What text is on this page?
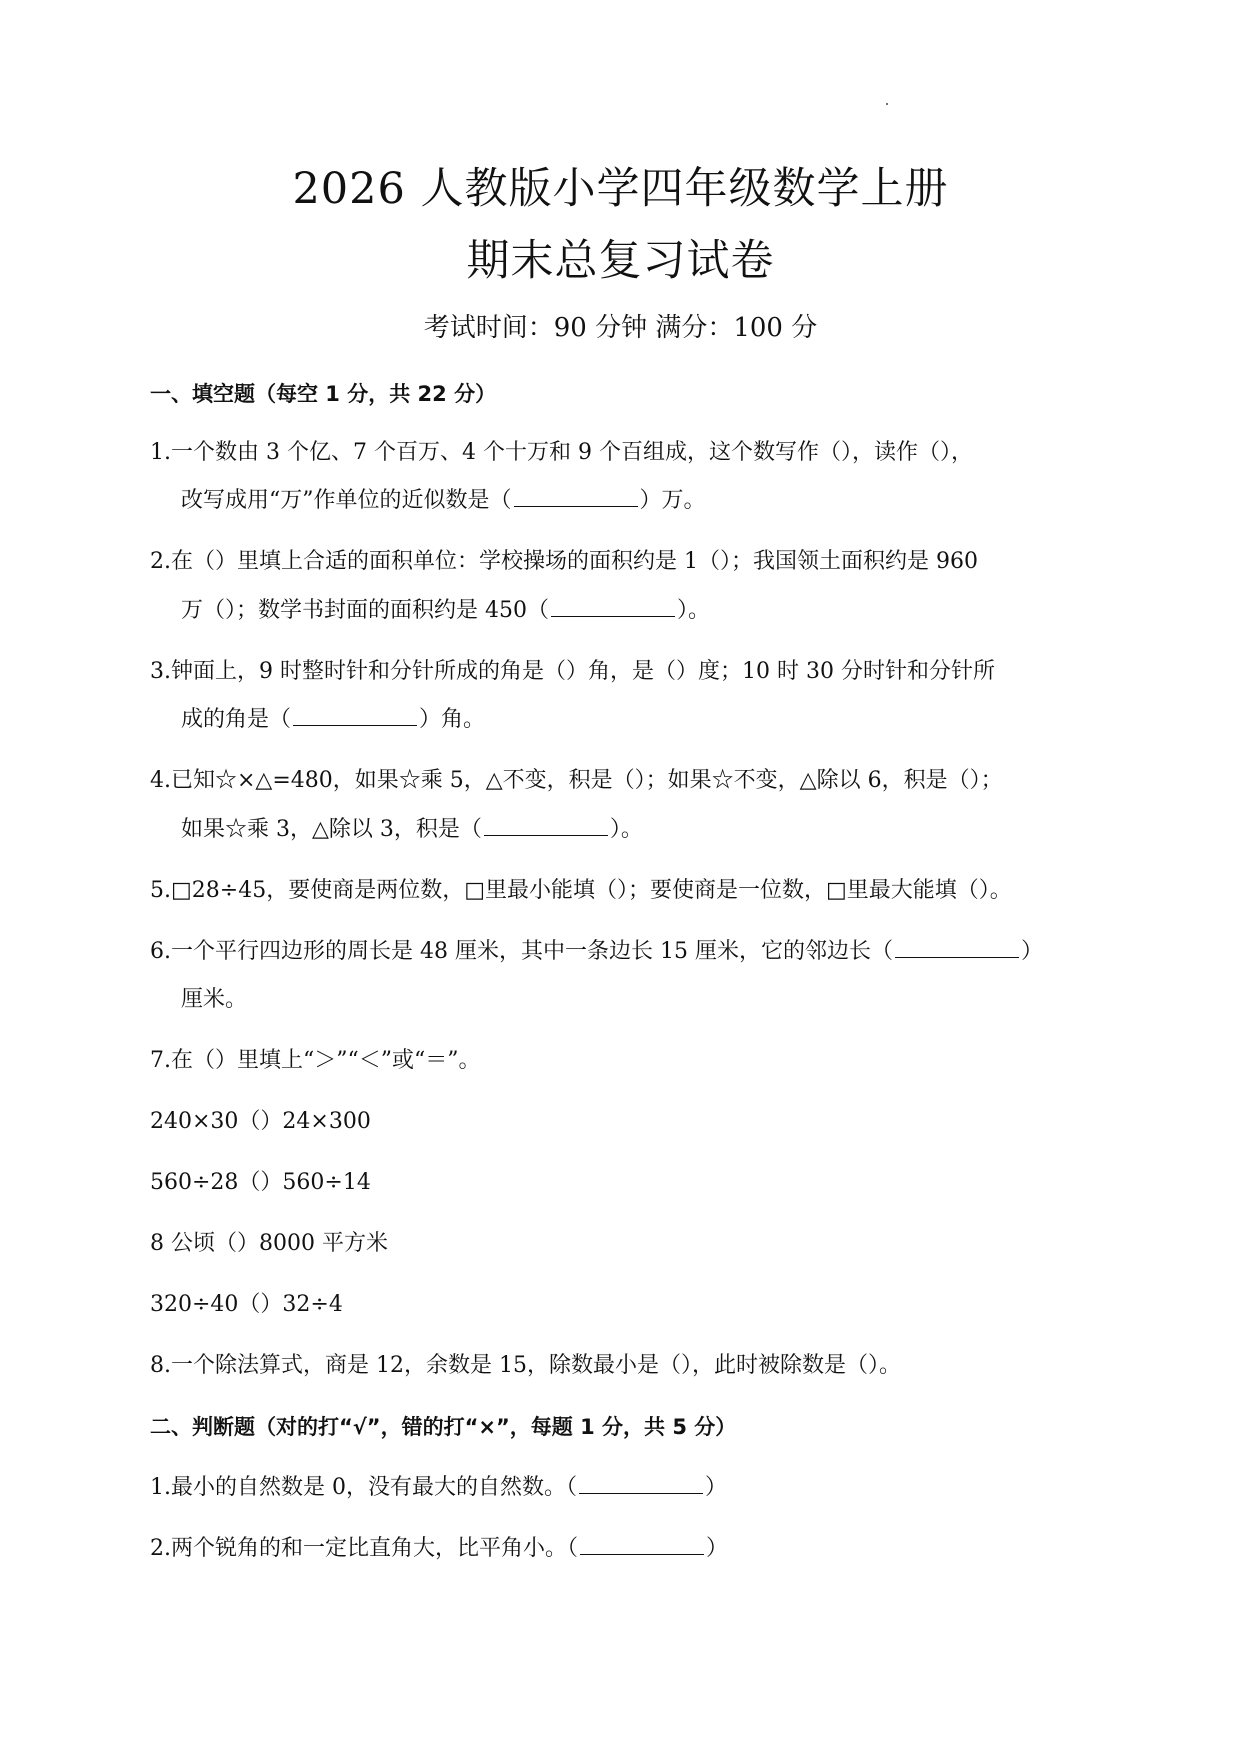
2026 人教版小学四年级数学上册
期末总复习试卷
考试时间：90 分钟 满分：100 分
一、填空题（每空 1 分，共 22 分）
1.一个数由 3 个亿、7 个百万、4 个十万和 9 个百组成，这个数写作（），读作（），
改写成用“万”作单位的近似数是（	）万。
2.在（）里填上合适的面积单位：学校操场的面积约是 1（）；我国领土面积约是 960
万（）；数学书封面的面积约是 450（	）。
3.钟面上，9 时整时针和分针所成的角是（）角，是（）度；10 时 30 分时针和分针所
成的角是（	）角。
4.已知☆×△=480，如果☆乘 5，△不变，积是（）；如果☆不变，△除以 6，积是（）；
如果☆乘 3，△除以 3，积是（	）。
5.□28÷45，要使商是两位数，□里最小能填（）；要使商是一位数，□里最大能填（）。
6.一个平行四边形的周长是 48 厘米，其中一条边长 15 厘米，它的邻边长（	）
厘米。
7.在（）里填上“＞”“＜”或“＝”。
240×30（）24×300
560÷28（）560÷14
8 公顷（）8000 平方米
320÷40（）32÷4
8.一个除法算式，商是 12，余数是 15，除数最小是（），此时被除数是（）。
二、判断题（对的打“√”，错的打“×”，每题 1 分，共 5 分）
1.最小的自然数是 0，没有最大的自然数。（	）
2.两个锐角的和一定比直角大，比平角小。（	）
